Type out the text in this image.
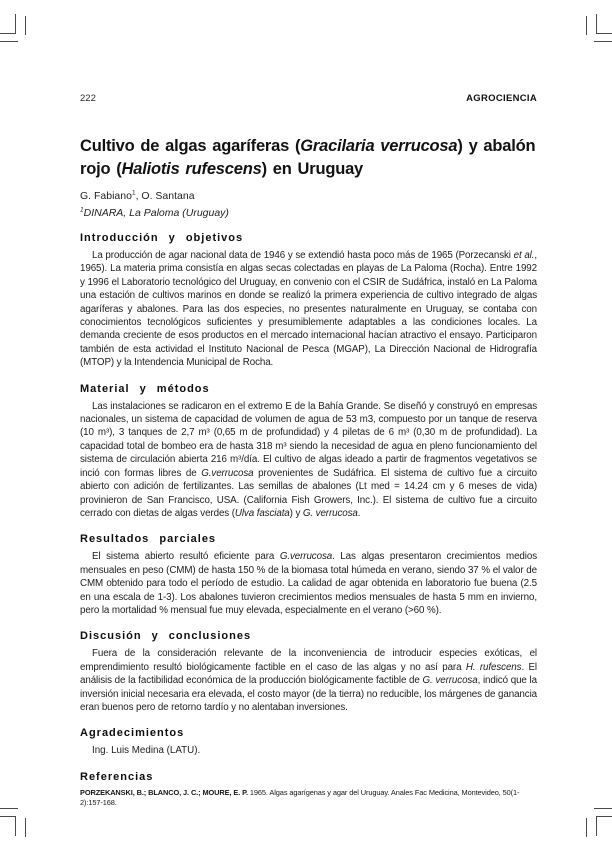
222	AGROCIENCIA
Cultivo de algas agaríferas (Gracilaria verrucosa) y abalón
rojo (Haliotis rufescens) en Uruguay
G. Fabiano$^1$, O. Santana
$^1$DINARA, La Paloma (Uruguay)
Introducción y objetivos

La producción de agar nacional data de 1946 y se extendió hasta poco más de 1965 (Porzecanski et al., 1965). La materia prima consistía en algas secas colectadas en playas de La Paloma (Rocha). Entre 1992 y 1996 el Laboratorio tecnológico del Uruguay, en convenio con el CSIR de Sudáfrica, instaló en La Paloma una estación de cultivos marinos en donde se realizó la primera experiencia de cultivo integrado de algas agaríferas y abalones. Para las dos especies, no presentes naturalmente en Uruguay, se contaba con conocimientos tecnológicos suficientes y presumiblemente adaptables a las condiciones locales. La demanda creciente de esos productos en el mercado internacional hacían atractivo el ensayo. Participaron también de esta actividad el Instituto Nacional de Pesca (MGAP), La Dirección Nacional de Hidrografía (MTOP) y la Intendencia Municipal de Rocha.

Material y métodos

Las instalaciones se radicaron en el extremo E de la Bahía Grande. Se diseñó y construyó en empresas nacionales, un sistema de capacidad de volumen de agua de 53 m3, compuesto por un tanque de reserva (10 m³), 3 tanques de 2,7 m³ (0,65 m de profundidad) y 4 piletas de 6 m³ (0,30 m de profundidad). La capacidad total de bombeo era de hasta 318 m³ siendo la necesidad de agua en pleno funcionamiento del sistema de circulación abierta 216 m³/día. El cultivo de algas ideado a partir de fragmentos vegetativos se inció con formas libres de G.verrucosa provenientes de Sudáfrica. El sistema de cultivo fue a circuito abierto con adición de fertilizantes. Las semillas de abalones (Lt med = 14.24 cm y 6 meses de vida) provinieron de San Francisco, USA. (California Fish Growers, Inc.). El sistema de cultivo fue a circuito cerrado con dietas de algas verdes (Ulva fasciata) y G. verrucosa.

Resultados parciales

El sistema abierto resultó eficiente para G.verrucosa. Las algas presentaron crecimientos medios mensuales en peso (CMM) de hasta 150 % de la biomasa total húmeda en verano, siendo 37 % el valor de CMM obtenido para todo el período de estudio. La calidad de agar obtenida en laboratorio fue buena (2.5 en una escala de 1-3). Los abalones tuvieron crecimientos medios mensuales de hasta 5 mm en invierno, pero la mortalidad % mensual fue muy elevada, especialmente en el verano (>60 %).

Discusión y conclusiones

Fuera de la consideración relevante de la inconveniencia de introducir especies exóticas, el emprendimiento resultó biológicamente factible en el caso de las algas y no así para H. rufescens. El análisis de la factibilidad económica de la producción biológicamente factible de G. verrucosa, indicó que la inversión inicial necesaria era elevada, el costo mayor (de la tierra) no reducible, los márgenes de ganancia eran buenos pero de retorno tardío y no alentaban inversiones.

Agradecimientos

Ing. Luis Medina (LATU).

Referencias

PORZEKANSKI, B.; BLANCO, J. C.; MOURE, E. P. 1965. Algas agarígenas y agar del Uruguay. Anales Fac Medicina, Montevideo, 50(1-2):157-168.
